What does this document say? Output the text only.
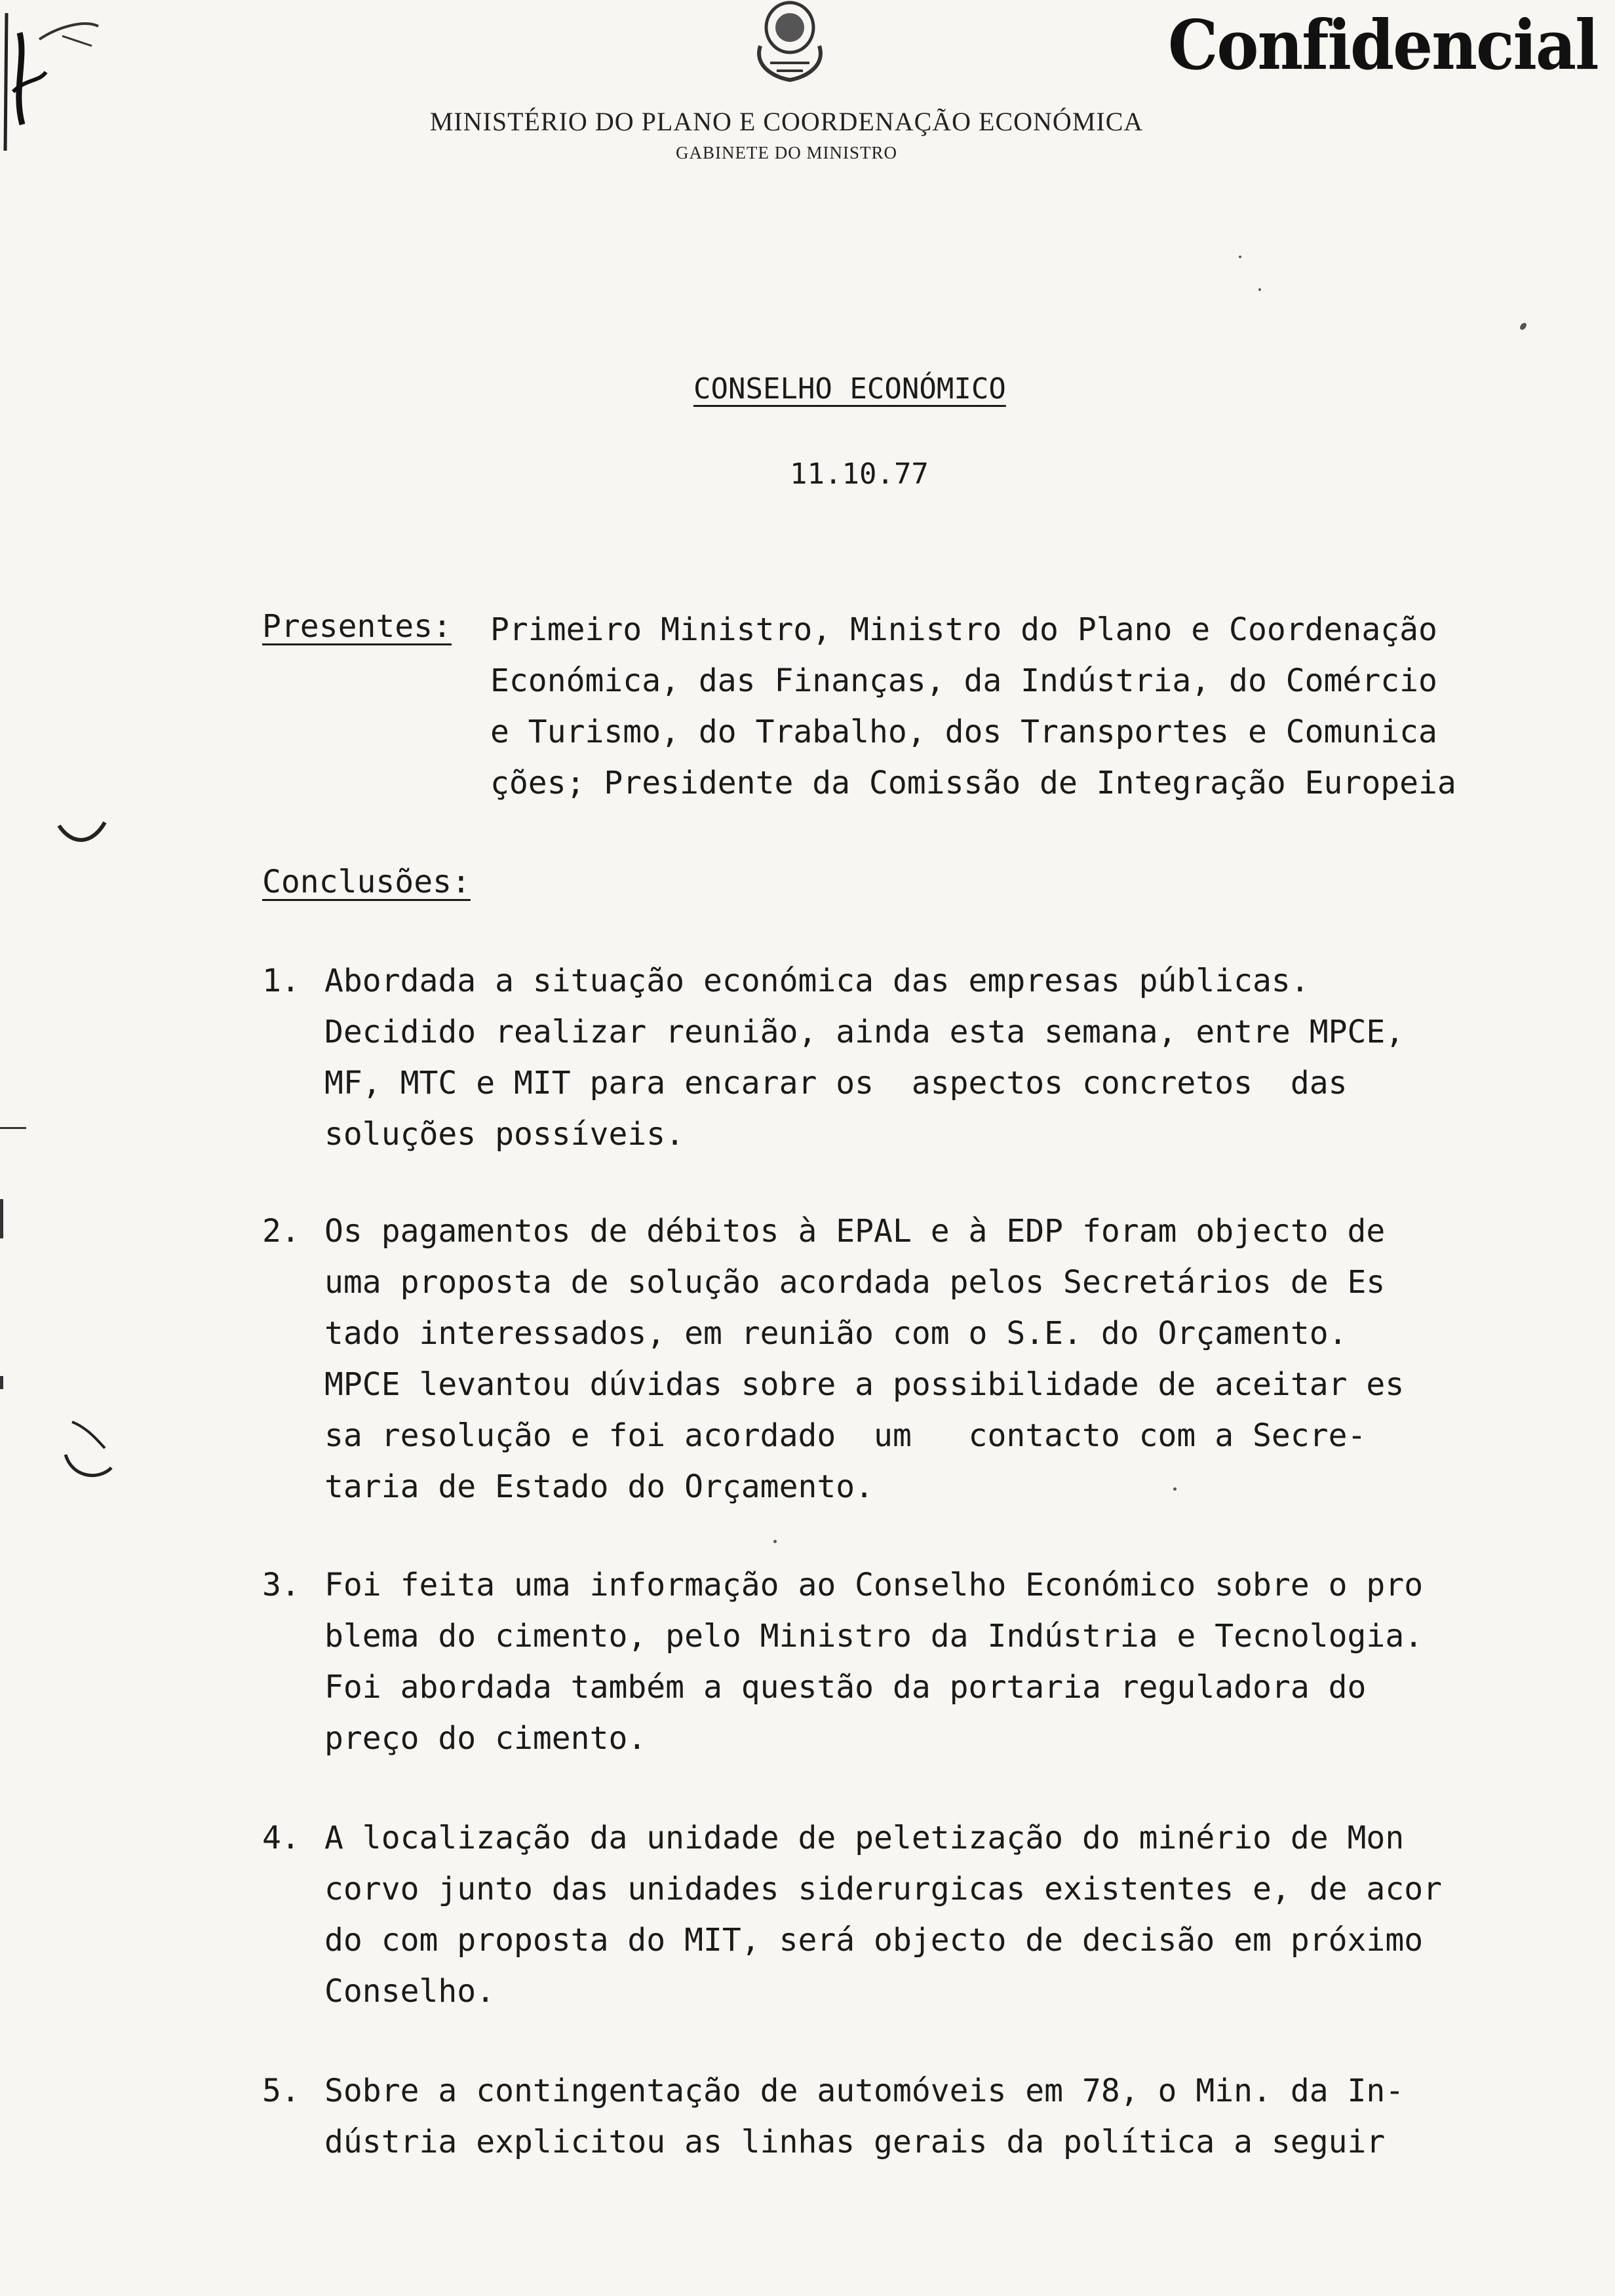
Confidencial
MINISTÉRIO DO PLANO E COORDENAÇÃO ECONÓMICA
GABINETE DO MINISTRO
CONSELHO ECONÓMICO
11.10.77
Presentes: Primeiro Ministro, Ministro do Plano e Coordenação
Económica, das Finanças, da Indústria, do Comércio
e Turismo, do Trabalho, dos Transportes e Comunica
ções; Presidente da Comissão de Integração Europeia
Conclusões:
1. Abordada a situação económica das empresas públicas.
Decidido realizar reunião, ainda esta semana, entre MPCE,
MF, MTC e MIT para encarar os  aspectos concretos  das
soluções possíveis.
2. Os pagamentos de débitos à EPAL e à EDP foram objecto de
uma proposta de solução acordada pelos Secretários de Es
tado interessados, em reunião com o S.E. do Orçamento.
MPCE levantou dúvidas sobre a possibilidade de aceitar es
sa resolução e foi acordado  um   contacto com a Secre-
taria de Estado do Orçamento.
3. Foi feita uma informação ao Conselho Económico sobre o pro
blema do cimento, pelo Ministro da Indústria e Tecnologia.
Foi abordada também a questão da portaria reguladora do
preço do cimento.
4. A localização da unidade de peletização do minério de Mon
corvo junto das unidades siderurgicas existentes e, de acor
do com proposta do MIT, será objecto de decisão em próximo
Conselho.
5. Sobre a contingentação de automóveis em 78, o Min. da In-
dústria explicitou as linhas gerais da política a seguir
